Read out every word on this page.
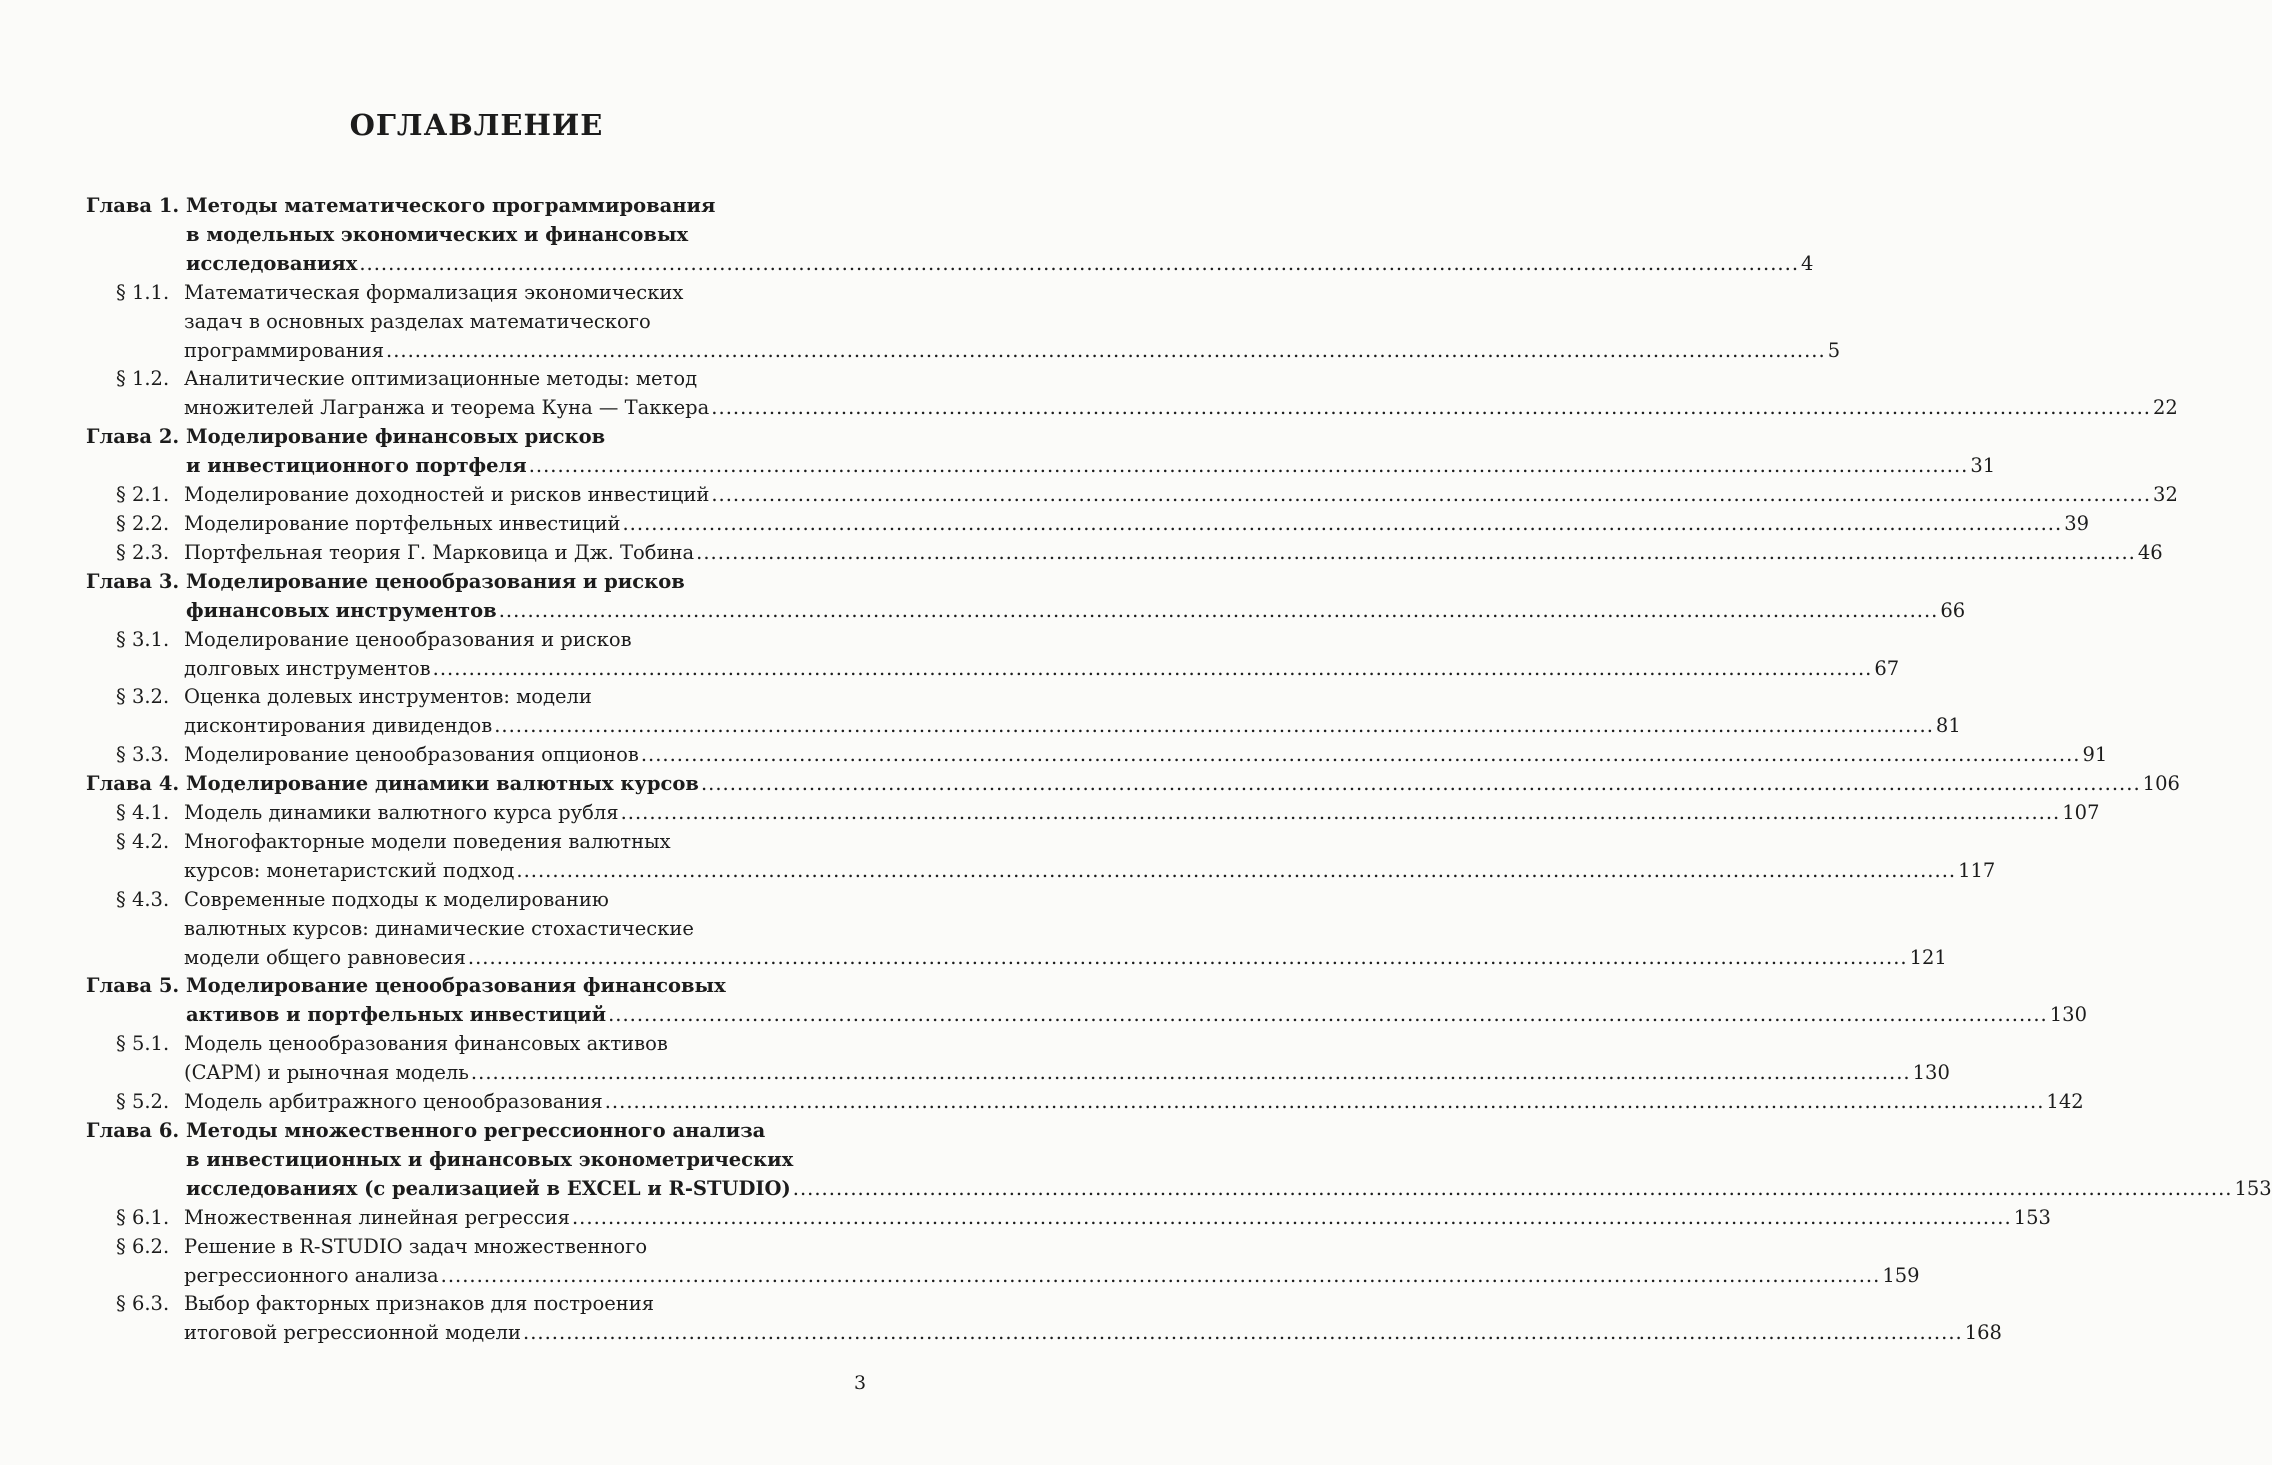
ОГЛАВЛЕНИЕ
Глава 1. Методы математического программирования
в модельных экономических и финансовых
исследованиях ........................................................................................................................................................................................................ 4
§ 1.1. Математическая формализация экономических
задач в основных разделах математического
программирования ........................................................................................................................................................................................................ 5
§ 1.2. Аналитические оптимизационные методы: метод
множителей Лагранжа и теорема Куна — Таккера ........................................................................................................................................................................................................ 22
Глава 2. Моделирование финансовых рисков
и инвестиционного портфеля ........................................................................................................................................................................................................ 31
§ 2.1. Моделирование доходностей и рисков инвестиций ........................................................................................................................................................................................................ 32
§ 2.2. Моделирование портфельных инвестиций ........................................................................................................................................................................................................ 39
§ 2.3. Портфельная теория Г. Марковица и Дж. Тобина ........................................................................................................................................................................................................ 46
Глава 3. Моделирование ценообразования и рисков
финансовых инструментов ........................................................................................................................................................................................................ 66
§ 3.1. Моделирование ценообразования и рисков
долговых инструментов ........................................................................................................................................................................................................ 67
§ 3.2. Оценка долевых инструментов: модели
дисконтирования дивидендов ........................................................................................................................................................................................................ 81
§ 3.3. Моделирование ценообразования опционов ........................................................................................................................................................................................................ 91
Глава 4. Моделирование динамики валютных курсов ........................................................................................................................................................................................................ 106
§ 4.1. Модель динамики валютного курса рубля ........................................................................................................................................................................................................ 107
§ 4.2. Многофакторные модели поведения валютных
курсов: монетаристский подход ........................................................................................................................................................................................................ 117
§ 4.3. Современные подходы к моделированию
валютных курсов: динамические стохастические
модели общего равновесия ........................................................................................................................................................................................................ 121
Глава 5. Моделирование ценообразования финансовых
активов и портфельных инвестиций ........................................................................................................................................................................................................ 130
§ 5.1. Модель ценообразования финансовых активов
(CAPM) и рыночная модель ........................................................................................................................................................................................................ 130
§ 5.2. Модель арбитражного ценообразования ........................................................................................................................................................................................................ 142
Глава 6. Методы множественного регрессионного анализа
в инвестиционных и финансовых эконометрических
исследованиях (с реализацией в EXCEL и R-STUDIO) ........................................................................................................................................................................................................ 153
§ 6.1. Множественная линейная регрессия ........................................................................................................................................................................................................ 153
§ 6.2. Решение в R-STUDIO задач множественного
регрессионного анализа ........................................................................................................................................................................................................ 159
§ 6.3. Выбор факторных признаков для построения
итоговой регрессионной модели ........................................................................................................................................................................................................ 168
3
